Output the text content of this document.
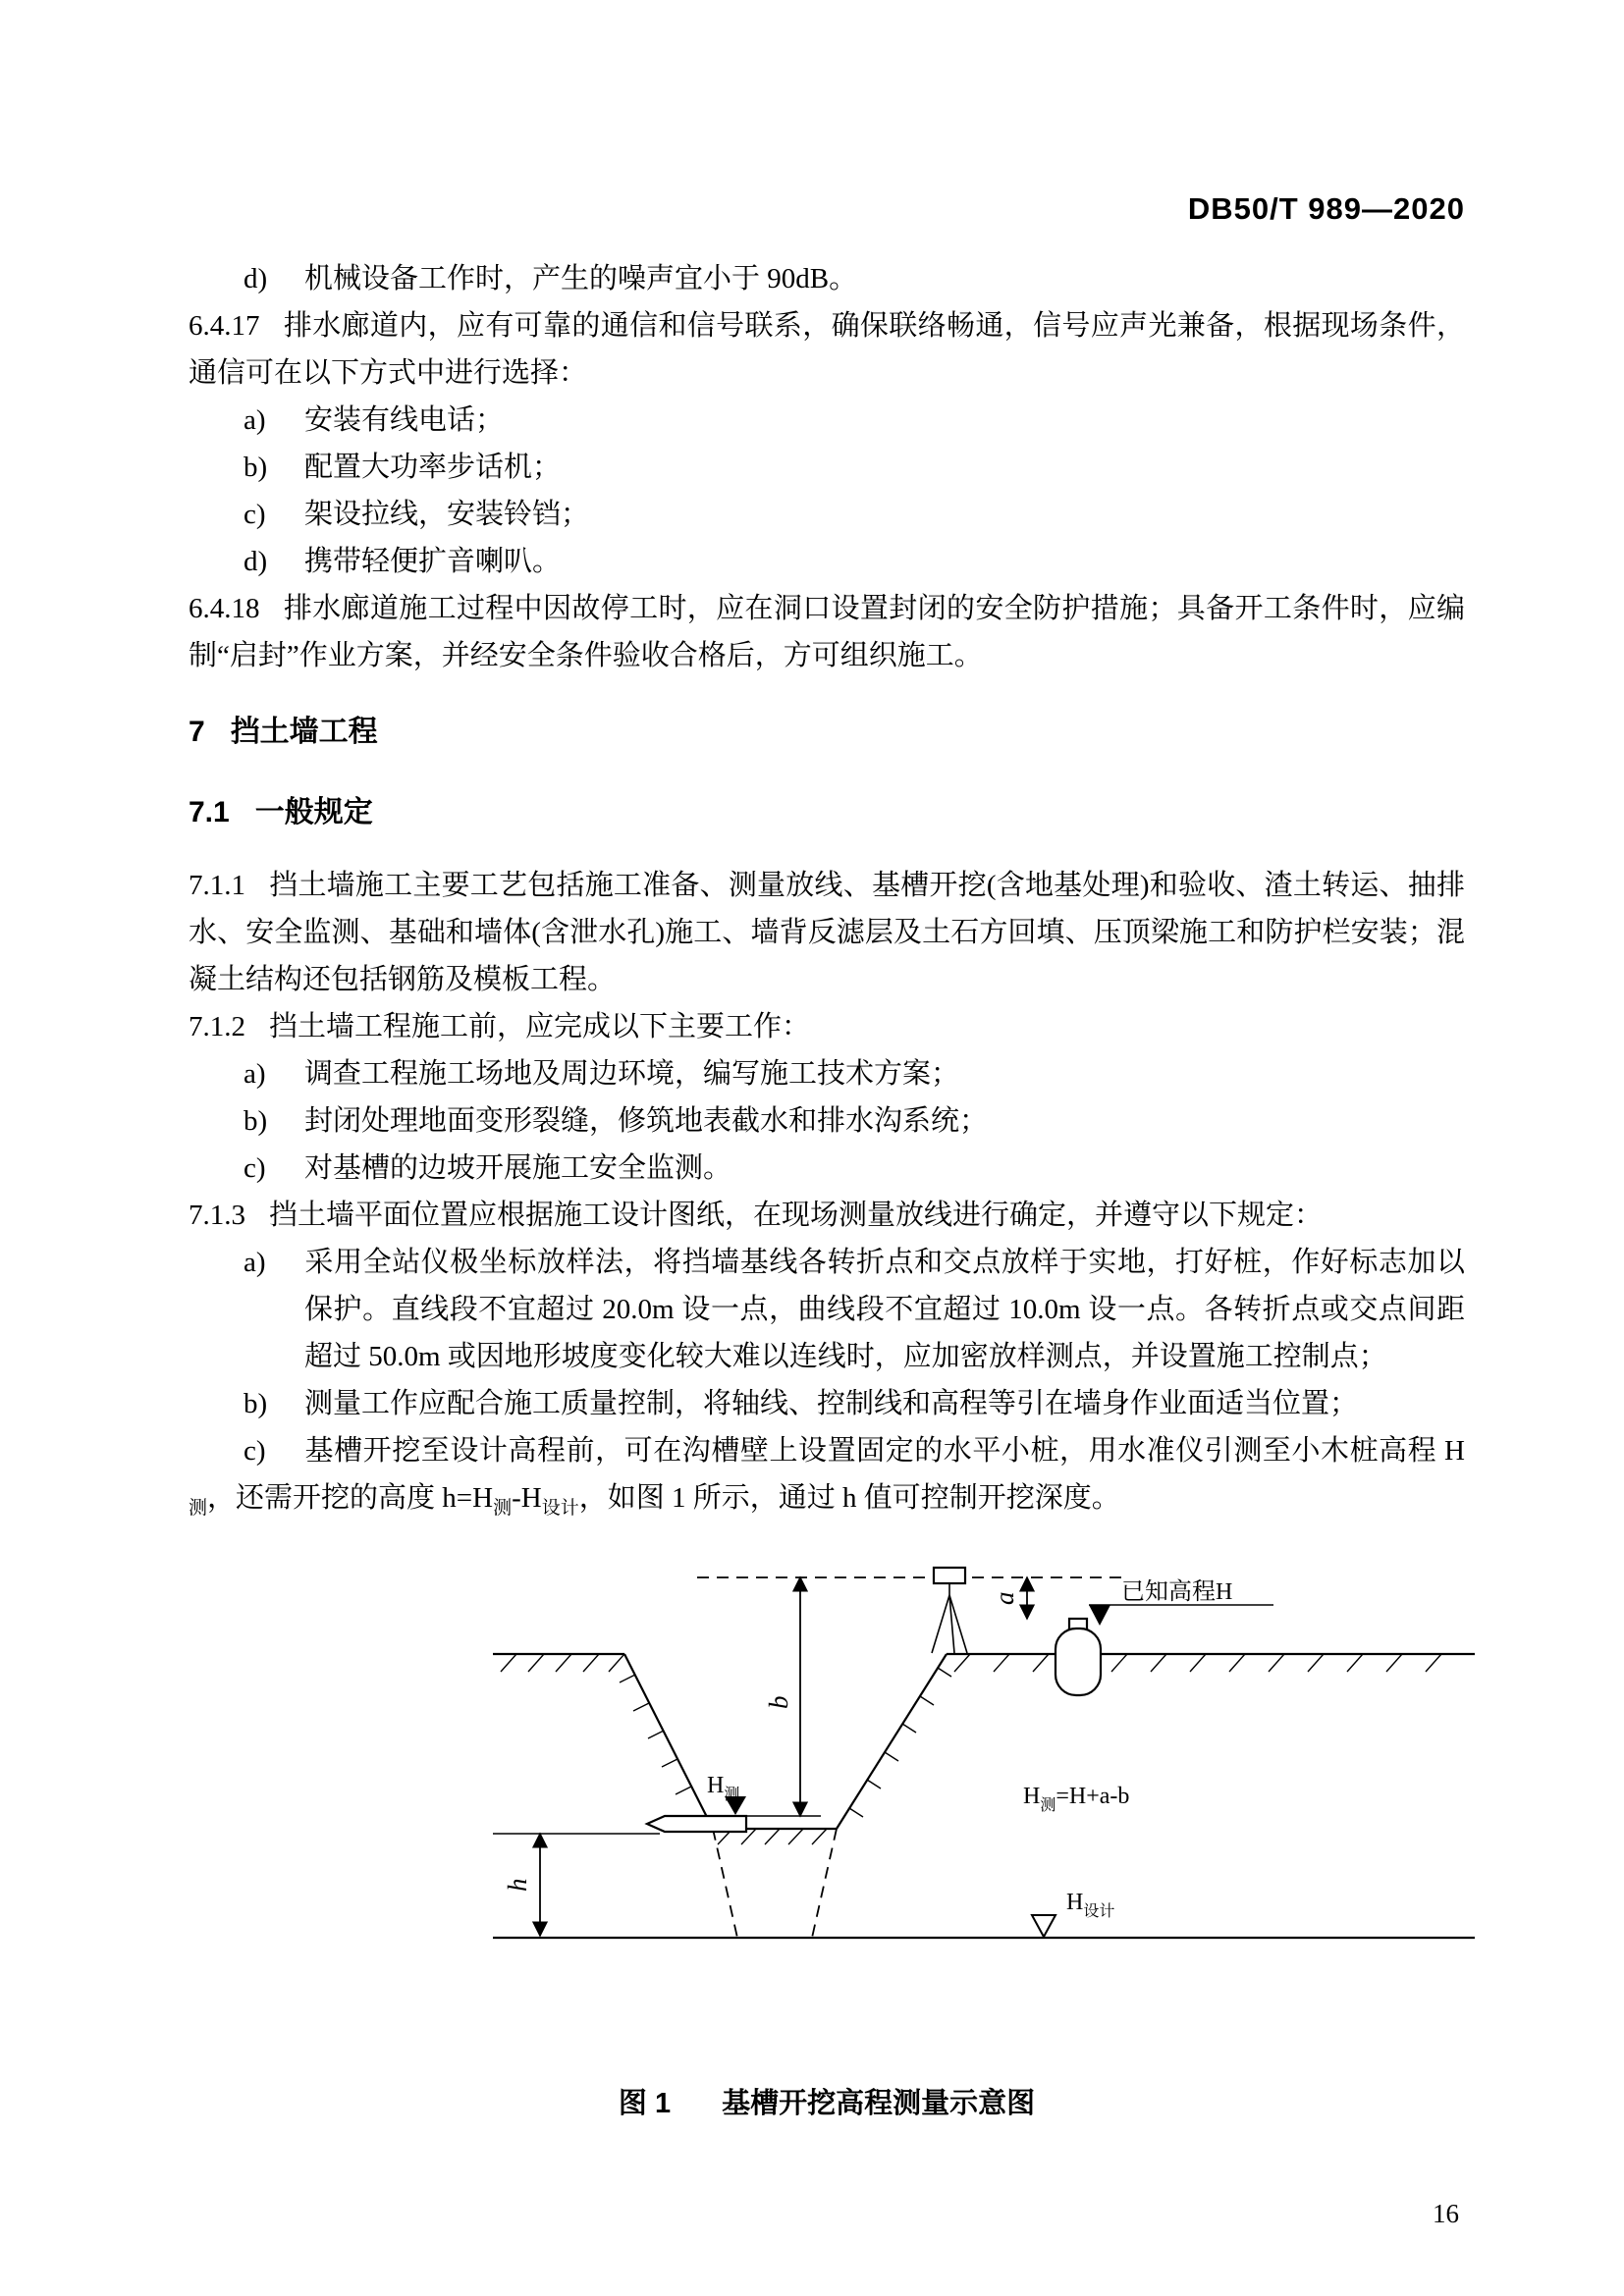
DB50/T 989—2020
d) 机械设备工作时，产生的噪声宜小于 90dB。

6.4.17 排水廊道内，应有可靠的通信和信号联系，确保联络畅通，信号应声光兼备，根据现场条件，通信可在以下方式中进行选择：

a) 安装有线电话；
b) 配置大功率步话机；
c) 架设拉线，安装铃铛；
d) 携带轻便扩音喇叭。

6.4.18 排水廊道施工过程中因故停工时，应在洞口设置封闭的安全防护措施；具备开工条件时，应编制“启封”作业方案，并经安全条件验收合格后，方可组织施工。

7 挡土墙工程
7.1 一般规定

7.1.1 挡土墙施工主要工艺包括施工准备、测量放线、基槽开挖(含地基处理)和验收、渣土转运、抽排水、安全监测、基础和墙体(含泄水孔)施工、墙背反滤层及土石方回填、压顶梁施工和防护栏安装；混凝土结构还包括钢筋及模板工程。

7.1.2 挡土墙工程施工前，应完成以下主要工作：

a) 调查工程施工场地及周边环境，编写施工技术方案；
b) 封闭处理地面变形裂缝，修筑地表截水和排水沟系统；
c) 对基槽的边坡开展施工安全监测。

7.1.3 挡土墙平面位置应根据施工设计图纸，在现场测量放线进行确定，并遵守以下规定：

a) 采用全站仪极坐标放样法，将挡墙基线各转折点和交点放样于实地，打好桩，作好标志加以保护。直线段不宜超过 20.0m 设一点，曲线段不宜超过 10.0m 设一点。各转折点或交点间距超过 50.0m 或因地形坡度变化较大难以连线时，应加密放样测点，并设置施工控制点；
b) 测量工作应配合施工质量控制，将轴线、控制线和高程等引在墙身作业面适当位置；

c) 基槽开挖至设计高程前，可在沟槽壁上设置固定的水平小桩，用水准仪引测至小木桩高程 $H_测$，还需开挖的高度 $h=H_测-H_{设计}$，如图 1 所示，通过 h 值可控制开挖深度。

已知高程H
a
b
$H_测$
h
$H_测=H+a-b$
$H_{设计}$
图 1 基槽开挖高程测量示意图
16
